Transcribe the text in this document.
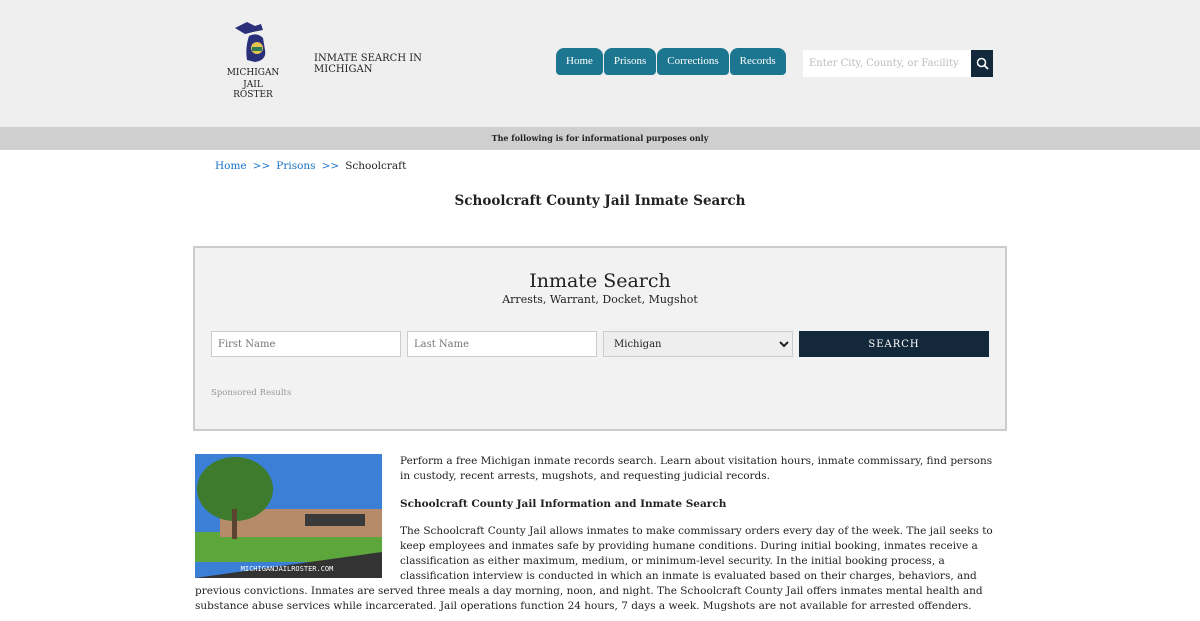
MICHIGAN
JAIL ROSTER
INMATE SEARCH IN MICHIGAN
Home	Prisons	Corrections	Records
Enter City, County, or Facility
The following is for informational purposes only
Home >> Prisons >> Schoolcraft
Schoolcraft County Jail Inmate Search
Inmate Search
Arrests, Warrant, Docket, Mugshot
First Name
Last Name
Michigan
SEARCH
Sponsored Results
MICHIGANJAILROSTER.COM

Perform a free Michigan inmate records search. Learn about visitation hours, inmate commissary, find persons in custody, recent arrests, mugshots, and requesting judicial records.

Schoolcraft County Jail Information and Inmate Search

The Schoolcraft County Jail allows inmates to make commissary orders every day of the week. The jail seeks to keep employees and inmates safe by providing humane conditions. During initial booking, inmates receive a classification as either maximum, medium, or minimum-level security. In the initial booking process, a classification interview is conducted in which an inmate is evaluated based on their charges, behaviors, and previous convictions. Inmates are served three meals a day morning, noon, and night. The Schoolcraft County Jail offers inmates mental health and substance abuse services while incarcerated. Jail operations function 24 hours, 7 days a week. Mugshots are not available for arrested offenders.
